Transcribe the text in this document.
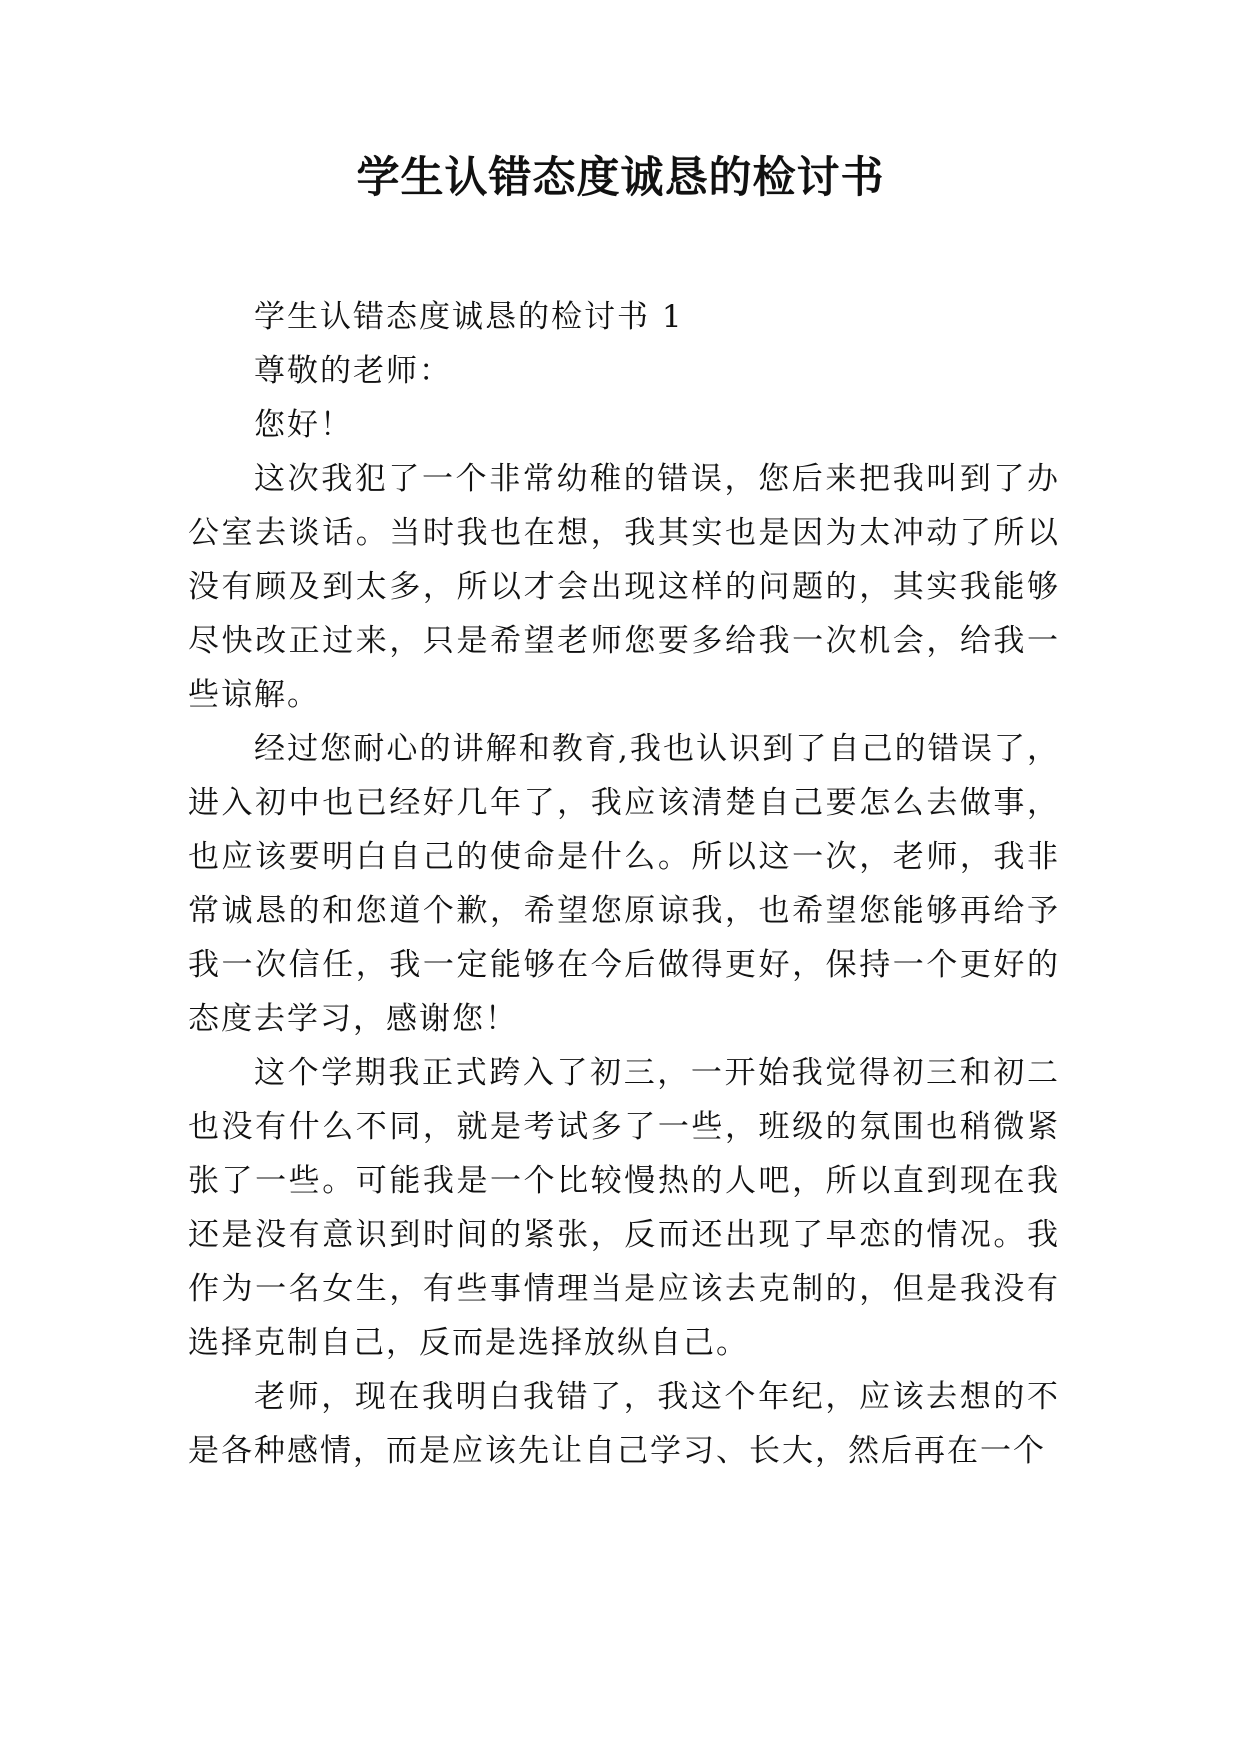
学生认错态度诚恳的检讨书

学生认错态度诚恳的检讨书 1

尊敬的老师：

您好！

这次我犯了一个非常幼稚的错误，您后来把我叫到了办公室去谈话。当时我也在想，我其实也是因为太冲动了所以没有顾及到太多，所以才会出现这样的问题的，其实我能够尽快改正过来，只是希望老师您要多给我一次机会，给我一些谅解。

经过您耐心的讲解和教育,我也认识到了自己的错误了，进入初中也已经好几年了，我应该清楚自己要怎么去做事，也应该要明白自己的使命是什么。所以这一次，老师，我非常诚恳的和您道个歉，希望您原谅我，也希望您能够再给予我一次信任，我一定能够在今后做得更好，保持一个更好的态度去学习，感谢您！

这个学期我正式跨入了初三，一开始我觉得初三和初二也没有什么不同，就是考试多了一些，班级的氛围也稍微紧张了一些。可能我是一个比较慢热的人吧，所以直到现在我还是没有意识到时间的紧张，反而还出现了早恋的情况。我作为一名女生，有些事情理当是应该去克制的，但是我没有选择克制自己，反而是选择放纵自己。

老师，现在我明白我错了，我这个年纪，应该去想的不是各种感情，而是应该先让自己学习、长大，然后再在一个
